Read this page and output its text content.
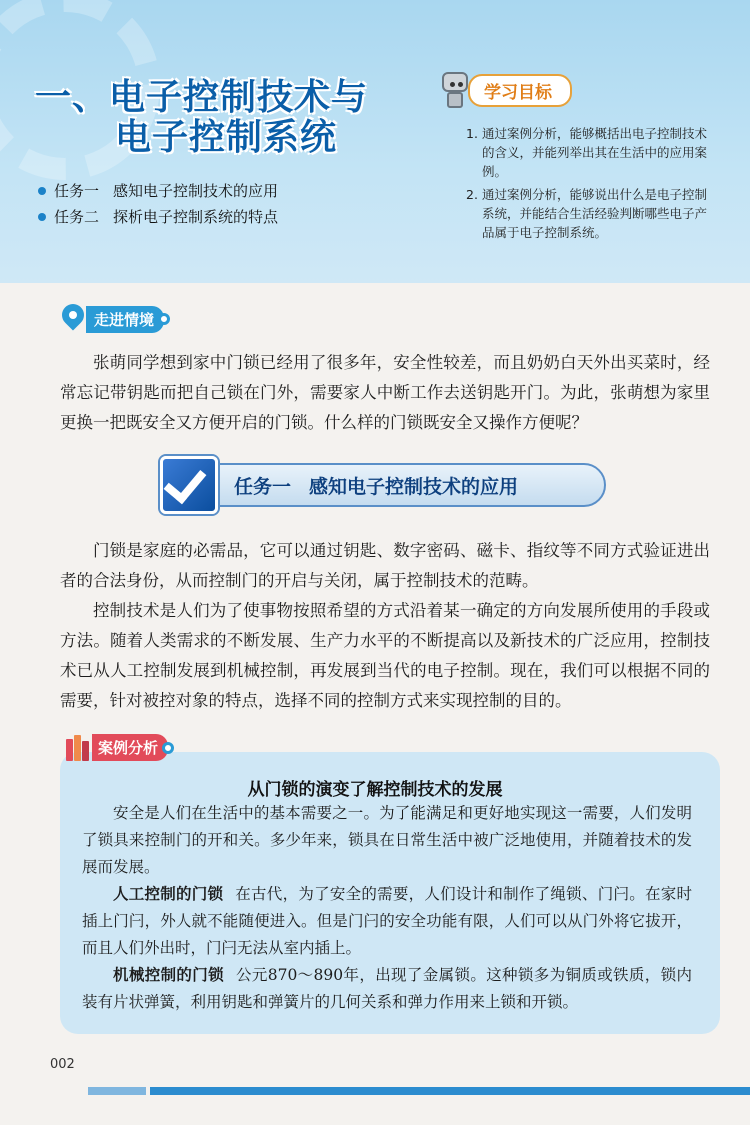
一、电子控制技术与
电子控制系统
任务一 感知电子控制技术的应用
任务二 探析电子控制系统的特点
学习目标
1. 通过案例分析，能够概括出电子控制技术的含义，并能列举出其在生活中的应用案例。
2. 通过案例分析，能够说出什么是电子控制系统，并能结合生活经验判断哪些电子产品属于电子控制系统。
走进情境
张萌同学想到家中门锁已经用了很多年，安全性较差，而且奶奶白天外出买菜时，经常忘记带钥匙而把自己锁在门外，需要家人中断工作去送钥匙开门。为此，张萌想为家里更换一把既安全又方便开启的门锁。什么样的门锁既安全又操作方便呢？
任务一 感知电子控制技术的应用
门锁是家庭的必需品，它可以通过钥匙、数字密码、磁卡、指纹等不同方式验证进出者的合法身份，从而控制门的开启与关闭，属于控制技术的范畴。
控制技术是人们为了使事物按照希望的方式沿着某一确定的方向发展所使用的手段或方法。随着人类需求的不断发展、生产力水平的不断提高以及新技术的广泛应用，控制技术已从人工控制发展到机械控制，再发展到当代的电子控制。现在，我们可以根据不同的需要，针对被控对象的特点，选择不同的控制方式来实现控制的目的。
案例分析
从门锁的演变了解控制技术的发展
安全是人们在生活中的基本需要之一。为了能满足和更好地实现这一需要，人们发明了锁具来控制门的开和关。多少年来，锁具在日常生活中被广泛地使用，并随着技术的发展而发展。
人工控制的门锁 在古代，为了安全的需要，人们设计和制作了绳锁、门闩。在家时插上门闩，外人就不能随便进入。但是门闩的安全功能有限，人们可以从门外将它拔开，而且人们外出时，门闩无法从室内插上。
机械控制的门锁 公元870～890年，出现了金属锁。这种锁多为铜质或铁质，锁内装有片状弹簧，利用钥匙和弹簧片的几何关系和弹力作用来上锁和开锁。
002
